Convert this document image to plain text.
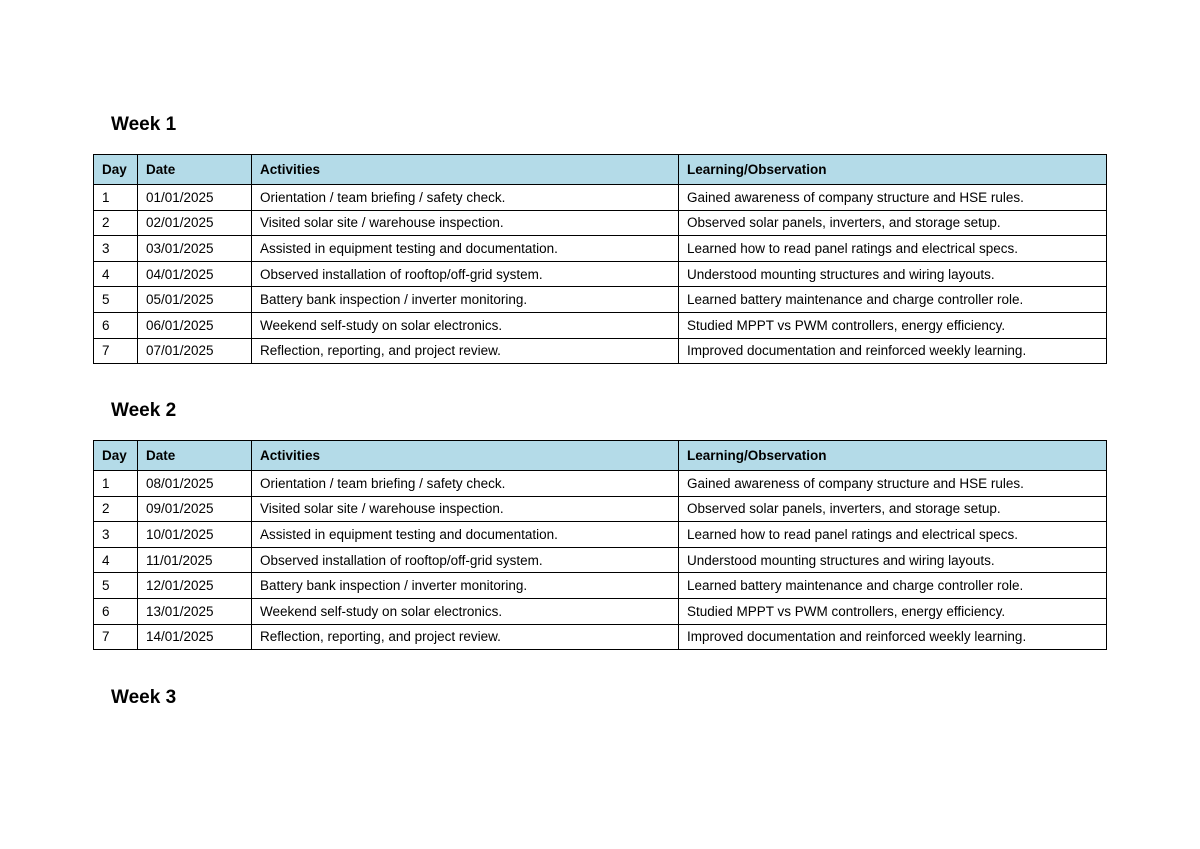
Week 1
Day	Date	Activities	Learning/Observation
1	01/01/2025	Orientation / team briefing / safety check.	Gained awareness of company structure and HSE rules.
2	02/01/2025	Visited solar site / warehouse inspection.	Observed solar panels, inverters, and storage setup.
3	03/01/2025	Assisted in equipment testing and documentation.	Learned how to read panel ratings and electrical specs.
4	04/01/2025	Observed installation of rooftop/off-grid system.	Understood mounting structures and wiring layouts.
5	05/01/2025	Battery bank inspection / inverter monitoring.	Learned battery maintenance and charge controller role.
6	06/01/2025	Weekend self-study on solar electronics.	Studied MPPT vs PWM controllers, energy efficiency.
7	07/01/2025	Reflection, reporting, and project review.	Improved documentation and reinforced weekly learning.
Week 2
Day	Date	Activities	Learning/Observation
1	08/01/2025	Orientation / team briefing / safety check.	Gained awareness of company structure and HSE rules.
2	09/01/2025	Visited solar site / warehouse inspection.	Observed solar panels, inverters, and storage setup.
3	10/01/2025	Assisted in equipment testing and documentation.	Learned how to read panel ratings and electrical specs.
4	11/01/2025	Observed installation of rooftop/off-grid system.	Understood mounting structures and wiring layouts.
5	12/01/2025	Battery bank inspection / inverter monitoring.	Learned battery maintenance and charge controller role.
6	13/01/2025	Weekend self-study on solar electronics.	Studied MPPT vs PWM controllers, energy efficiency.
7	14/01/2025	Reflection, reporting, and project review.	Improved documentation and reinforced weekly learning.
Week 3
